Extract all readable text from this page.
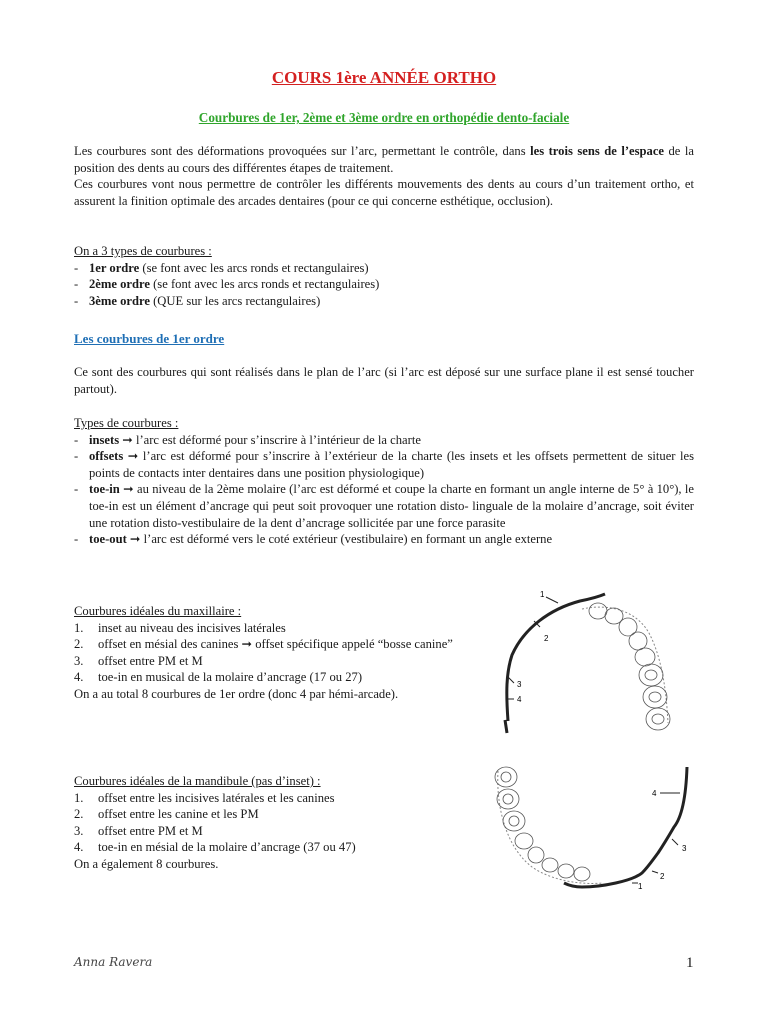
COURS 1ère ANNÉE ORTHO
Courbures de 1er, 2ème et 3ème ordre en orthopédie dento-faciale

Les courbures sont des déformations provoquées sur l’arc, permettant le contrôle, dans les trois sens de l’espace de la position des dents au cours des différentes étapes de traitement.

Ces courbures vont nous permettre de contrôler les différents mouvements des dents au cours d’un traitement ortho, et assurent la finition optimale des arcades dentaires (pour ce qui concerne esthétique, occlusion).

On a 3 types de courbures :
- 1er ordre (se font avec les arcs ronds et rectangulaires)
- 2ème ordre (se font avec les arcs ronds et rectangulaires)
- 3ème ordre (QUE sur les arcs rectangulaires)
Les courbures de 1er ordre

Ce sont des courbures qui sont réalisés dans le plan de l’arc (si l’arc est déposé sur une surface plane il est sensé toucher partout).

Types de courbures :
- insets ➞ l’arc est déformé pour s’inscrire à l’intérieur de la charte
- offsets ➞ l’arc est déformé pour s’inscrire à l’extérieur de la charte (les insets et les offsets permettent de situer les points de contacts inter dentaires dans une position physiologique)
- toe-in ➞ au niveau de la 2ème molaire (l’arc est déformé et coupe la charte en formant un angle interne de 5° à 10°), le toe-in est un élément d’ancrage qui peut soit provoquer une rotation disto- linguale de la molaire d’ancrage, soit éviter une rotation disto-vestibulaire de la dent d’ancrage sollicitée par une force parasite
- toe-out ➞ l’arc est déformé vers le coté extérieur (vestibulaire) en formant un angle externe
Courbures idéales du maxillaire :
1. inset au niveau des incisives latérales
2. offset en mésial des canines ➞ offset spécifique appelé “bosse canine”
3. offset entre PM et M
4. toe-in en musical de la molaire d’ancrage (17 ou 27)
On a au total 8 courbures de 1er ordre (donc 4 par hémi-arcade).
1
2
3
4
Courbures idéales de la mandibule (pas d’inset) :
1. offset entre les incisives latérales et les canines
2. offset entre les canine et les PM
3. offset entre PM et M
4. toe-in en mésial de la molaire d’ancrage (37 ou 47)
On a également 8 courbures.
1
2
3
4
Anna Ravera	1
